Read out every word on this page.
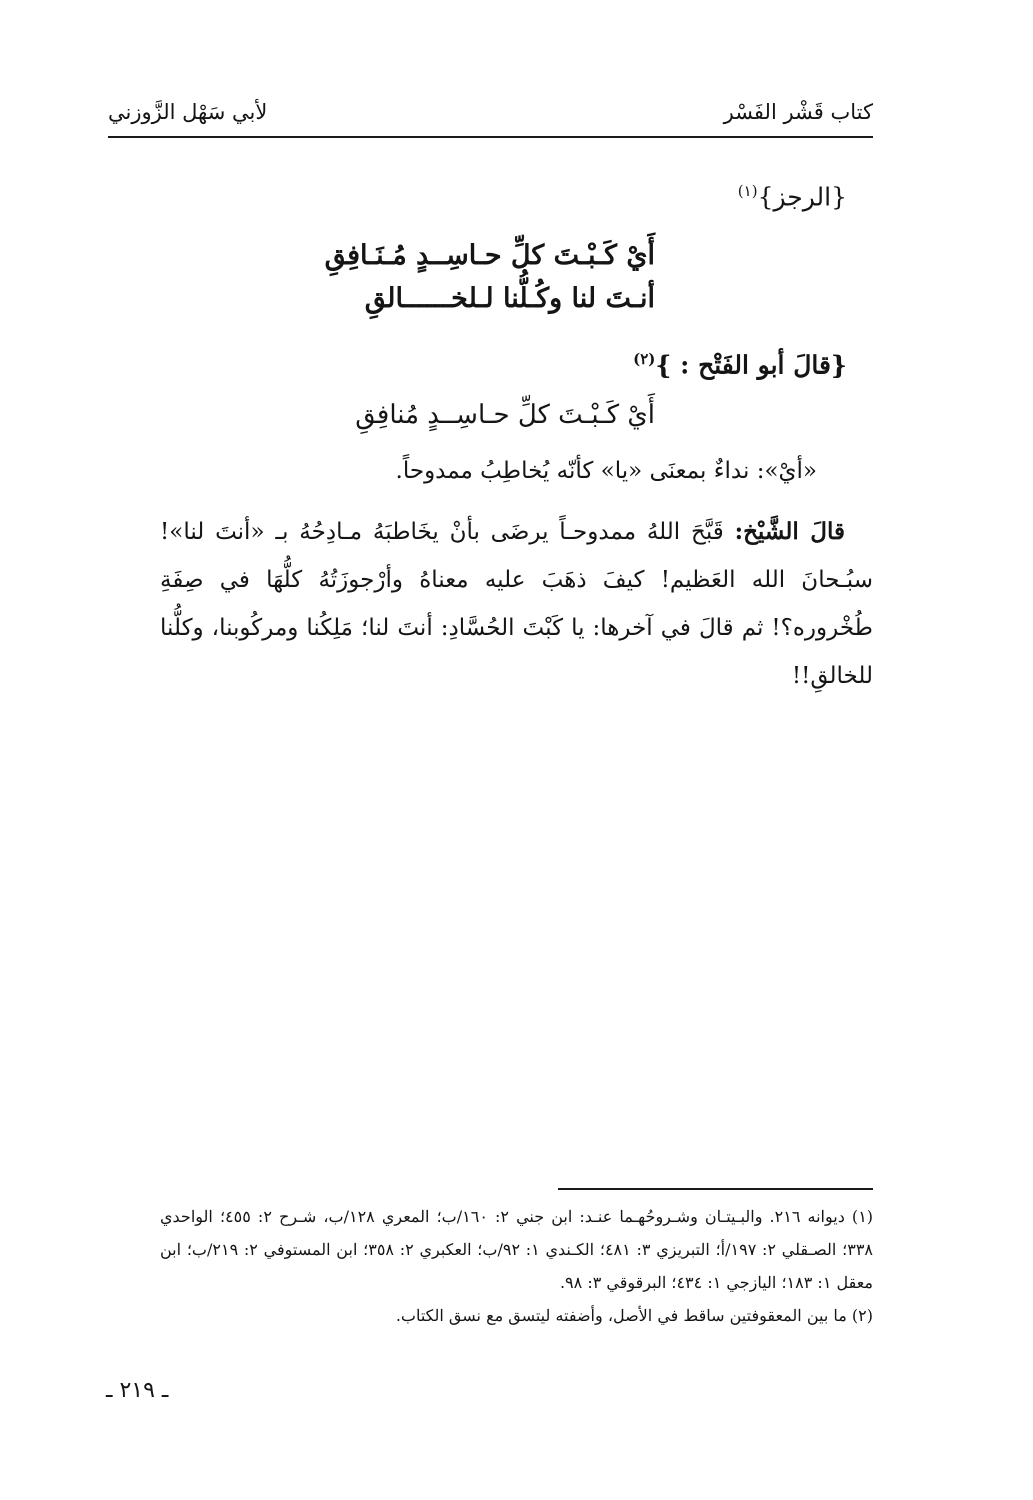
كتاب قَشْر الفَسْر
لأبي سَهْل الزَّوزني
{الرجز}$^{(١)}$
أَيْ كَـبْـتَ كلِّ حـاسِــدٍ مُـنَـافِقِ
أنـتَ لنا وكُـلُّنا لـلخــــــالقِ
{قالَ أبو الفَتْح : }$^{(٢)}$
أَيْ كَـبْـتَ كلِّ حـاسِــدٍ مُنافِقِ
«أيْ»: نداءٌ بمعنَى «يا» كأنّه يُخاطِبُ ممدوحاً.
قالَ الشَّيْخ: قَبَّحَ اللهُ ممدوحـاً يرضَى بأنْ يخَاطبَهُ مـادِحُهُ بـ «أنتَ لنا»! سبُـحانَ الله العَظيم! كيفَ ذهَبَ عليه معناهُ وأرْجوزَتُهُ كلُّهَا في صِفَةِ طُخْروره؟! ثم قالَ في آخرها: يا كَبْتَ الحُسَّادِ: أنتَ لنا؛ مَلِكُنا ومركُوبنا، وكلُّنا للخالقِ!!

(١) ديوانه ٢١٦. والبـيتـان وشـروحُهـما عنـد: ابن جني ٢: ١٦٠/ب؛ المعري ١٢٨/ب، شـرح ٢: ٤٥٥؛ الواحدي ٣٣٨؛ الصـقلي ٢: ١٩٧/أ؛ التبريزي ٣: ٤٨١؛ الكـندي ١: ٩٢/ب؛ العكبري ٢: ٣٥٨؛ ابن المستوفي ٢: ٢١٩/ب؛ ابن معقل ١: ١٨٣؛ اليازجي ١: ٤٣٤؛ البرقوقي ٣: ٩٨.

(٢) ما بين المعقوفتين ساقط في الأصل، وأضفته ليتسق مع نسق الكتاب.

ـ ٢١٩ ـ
